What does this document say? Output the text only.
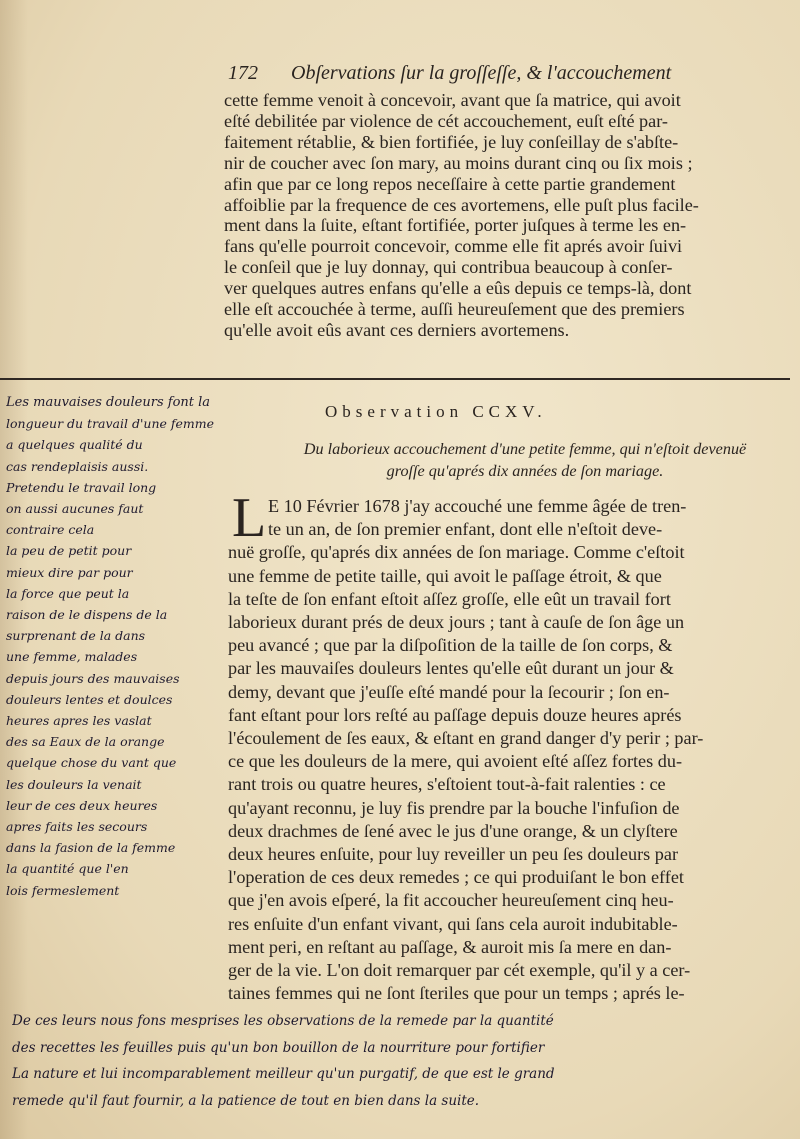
172 Obſervations ſur la groſſeſſe, & l'accouchement
cette femme venoit à concevoir, avant que ſa matrice, qui avoit
eſté debilitée par violence de cét accouchement, euſt eſté par-
faitement rétablie, & bien fortifiée, je luy conſeillay de s'abſte-
nir de coucher avec ſon mary, au moins durant cinq ou ſix mois ;
afin que par ce long repos neceſſaire à cette partie grandement
affoiblie par la frequence de ces avortemens, elle puſt plus facile-
ment dans la ſuite, eſtant fortifiée, porter juſques à terme les en-
fans qu'elle pourroit concevoir, comme elle fit aprés avoir ſuivi
le conſeil que je luy donnay, qui contribua beaucoup à conſer-
ver quelques autres enfans qu'elle a eûs depuis ce temps-là, dont
elle eſt accouchée à terme, auſſi heureuſement que des premiers
qu'elle avoit eûs avant ces derniers avortemens.
Observation CCXV.
Du laborieux accouchement d'une petite femme, qui n'eſtoit devenuë
groſſe qu'aprés dix années de ſon mariage.
L E 10 Février 1678 j'ay accouché une femme âgée de tren-
te un an, de ſon premier enfant, dont elle n'eſtoit deve-
nuë groſſe, qu'aprés dix années de ſon mariage. Comme c'eſtoit
une femme de petite taille, qui avoit le paſſage étroit, & que
la teſte de ſon enfant eſtoit aſſez groſſe, elle eût un travail fort
laborieux durant prés de deux jours ; tant à cauſe de ſon âge un
peu avancé ; que par la diſpoſition de la taille de ſon corps, &
par les mauvaiſes douleurs lentes qu'elle eût durant un jour &
demy, devant que j'euſſe eſté mandé pour la ſecourir ; ſon en-
fant eſtant pour lors reſté au paſſage depuis douze heures aprés
l'écoulement de ſes eaux, & eſtant en grand danger d'y perir ; par-
ce que les douleurs de la mere, qui avoient eſté aſſez fortes du-
rant trois ou quatre heures, s'eſtoient tout-à-fait ralenties : ce
qu'ayant reconnu, je luy fis prendre par la bouche l'infuſion de
deux drachmes de ſené avec le jus d'une orange, & un clyſtere
deux heures enſuite, pour luy reveiller un peu ſes douleurs par
l'operation de ces deux remedes ; ce qui produiſant le bon effet
que j'en avois eſperé, la fit accoucher heureuſement cinq heu-
res enſuite d'un enfant vivant, qui ſans cela auroit indubitable-
ment peri, en reſtant au paſſage, & auroit mis ſa mere en dan-
ger de la vie. L'on doit remarquer par cét exemple, qu'il y a cer-
taines femmes qui ne ſont ſteriles que pour un temps ; aprés le-
Les mauvaises douleurs font la
longueur du travail d'une femme
a quelques qualité du
cas rendeplaisis aussi.
Pretendu le travail long
on aussi aucunes faut
contraire cela
la peu de petit pour
mieux dire par pour
la force que peut la
raison de le dispens de la
surprenant de la dans
une femme, malades
depuis jours des mauvaises
douleurs lentes et doulces
heures apres les vaslat
des sa Eaux de la orange
quelque chose du vant que
les douleurs la venait
leur de ces deux heures
apres faits les secours
dans la fasion de la femme
la quantité que l'en
lois fermeslement
De ces leurs nous fons mesprises les observations de la remede par la quantité
des recettes les feuilles puis qu'un bon bouillon de la nourriture pour fortifier
La nature et lui incomparablement meilleur qu'un purgatif, de que est le grand
remede qu'il faut fournir, a la patience de tout en bien dans la suite.
